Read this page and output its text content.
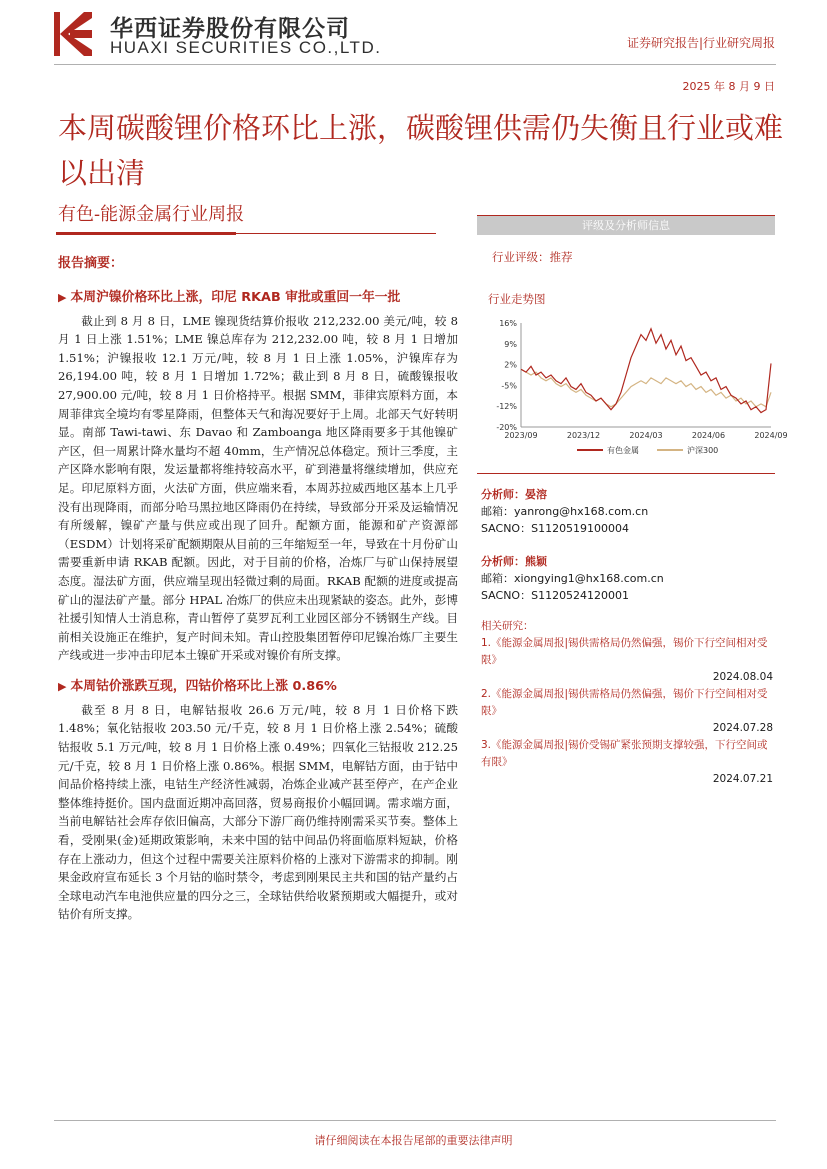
华西证券股份有限公司
HUAXI SECURITIES CO.,LTD.	证券研究报告|行业研究周报
2025 年 8 月 9 日
本周碳酸锂价格环比上涨，碳酸锂供需仍失衡且行业或难以出清
有色-能源金属行业周报
报告摘要：
▶ 本周沪镍价格环比上涨，印尼 RKAB 审批或重回一年一批

截止到 8 月 8 日，LME 镍现货结算价报收 212,232.00 美元/吨，较 8 月 1 日上涨 1.51%；LME 镍总库存为 212,232.00 吨，较 8 月 1 日增加 1.51%；沪镍报收 12.1 万元/吨，较 8 月 1 日上涨 1.05%，沪镍库存为 26,194.00 吨，较 8 月 1 日增加 1.72%；截止到 8 月 8 日，硫酸镍报收 27,900.00 元/吨，较 8 月 1 日价格持平。根据 SMM，菲律宾原料方面，本周菲律宾全境均有零星降雨，但整体天气和海况要好于上周。北部天气好转明显。南部 Tawi-tawi、东 Davao 和 Zamboanga 地区降雨要多于其他镍矿产区，但一周累计降水量均不超 40mm，生产情况总体稳定。预计三季度，主产区降水影响有限，发运量都将维持较高水平，矿到港量将继续增加，供应充足。印尼原料方面，火法矿方面，供应端来看，本周苏拉威西地区基本上几乎没有出现降雨，而部分哈马黑拉地区降雨仍在持续，导致部分开采及运输情况有所缓解，镍矿产量与供应或出现了回升。配额方面，能源和矿产资源部（ESDM）计划将采矿配额期限从目前的三年缩短至一年，导致在十月份矿山需要重新申请 RKAB 配额。因此，对于目前的价格，冶炼厂与矿山保持展望态度。湿法矿方面，供应端呈现出轻微过剩的局面。RKAB 配额的进度或提高矿山的湿法矿产量。部分 HPAL 冶炼厂的供应未出现紧缺的姿态。此外，彭博社援引知情人士消息称，青山暂停了莫罗瓦利工业园区部分不锈钢生产线。目前相关设施正在维护，复产时间未知。青山控股集团暂停印尼镍冶炼厂主要生产线或进一步冲击印尼本土镍矿开采或对镍价有所支撑。

▶ 本周钴价涨跌互现，四钴价格环比上涨 0.86%

截至 8 月 8 日，电解钴报收 26.6 万元/吨，较 8 月 1 日价格下跌 1.48%；氧化钴报收 203.50 元/千克，较 8 月 1 日价格上涨 2.54%；硫酸钴报收 5.1 万元/吨，较 8 月 1 日价格上涨 0.49%；四氧化三钴报收 212.25 元/千克，较 8 月 1 日价格上涨 0.86%。根据 SMM，电解钴方面，由于钴中间品价格持续上涨，电钴生产经济性减弱，冶炼企业减产甚至停产，在产企业整体维持挺价。国内盘面近期冲高回落，贸易商报价小幅回调。需求端方面，当前电解钴社会库存依旧偏高，大部分下游厂商仍维持刚需采买节奏。整体上看，受刚果(金)延期政策影响，未来中国的钴中间品仍将面临原料短缺，价格存在上涨动力，但这个过程中需要关注原料价格的上涨对下游需求的抑制。刚果金政府宣布延长 3 个月钴的临时禁令，考虑到刚果民主共和国的钴产量约占全球电动汽车电池供应量的四分之三，全球钴供给收紧预期或大幅提升，或对钴价有所支撑。

评级及分析师信息
行业评级：推荐
行业走势图
16%
9%
2%
-5%
-12%
-20%
2023/09	2023/12	2024/03	2024/06	2024/09
有色金属	沪深300
分析师：晏溶
邮箱：yanrong@hx168.com.cn
SACNO：S1120519100004
分析师：熊颖
邮箱：xiongying1@hx168.com.cn
SACNO：S1120524120001
相关研究：
1.《能源金属周报|锡供需格局仍然偏强，锡价下行空间相对受限》
2024.08.04
2.《能源金属周报|锡供需格局仍然偏强，锡价下行空间相对受限》
2024.07.28
3.《能源金属周报|锡价受锡矿紧张预期支撑较强，下行空间或有限》
2024.07.21
请仔细阅读在本报告尾部的重要法律声明
